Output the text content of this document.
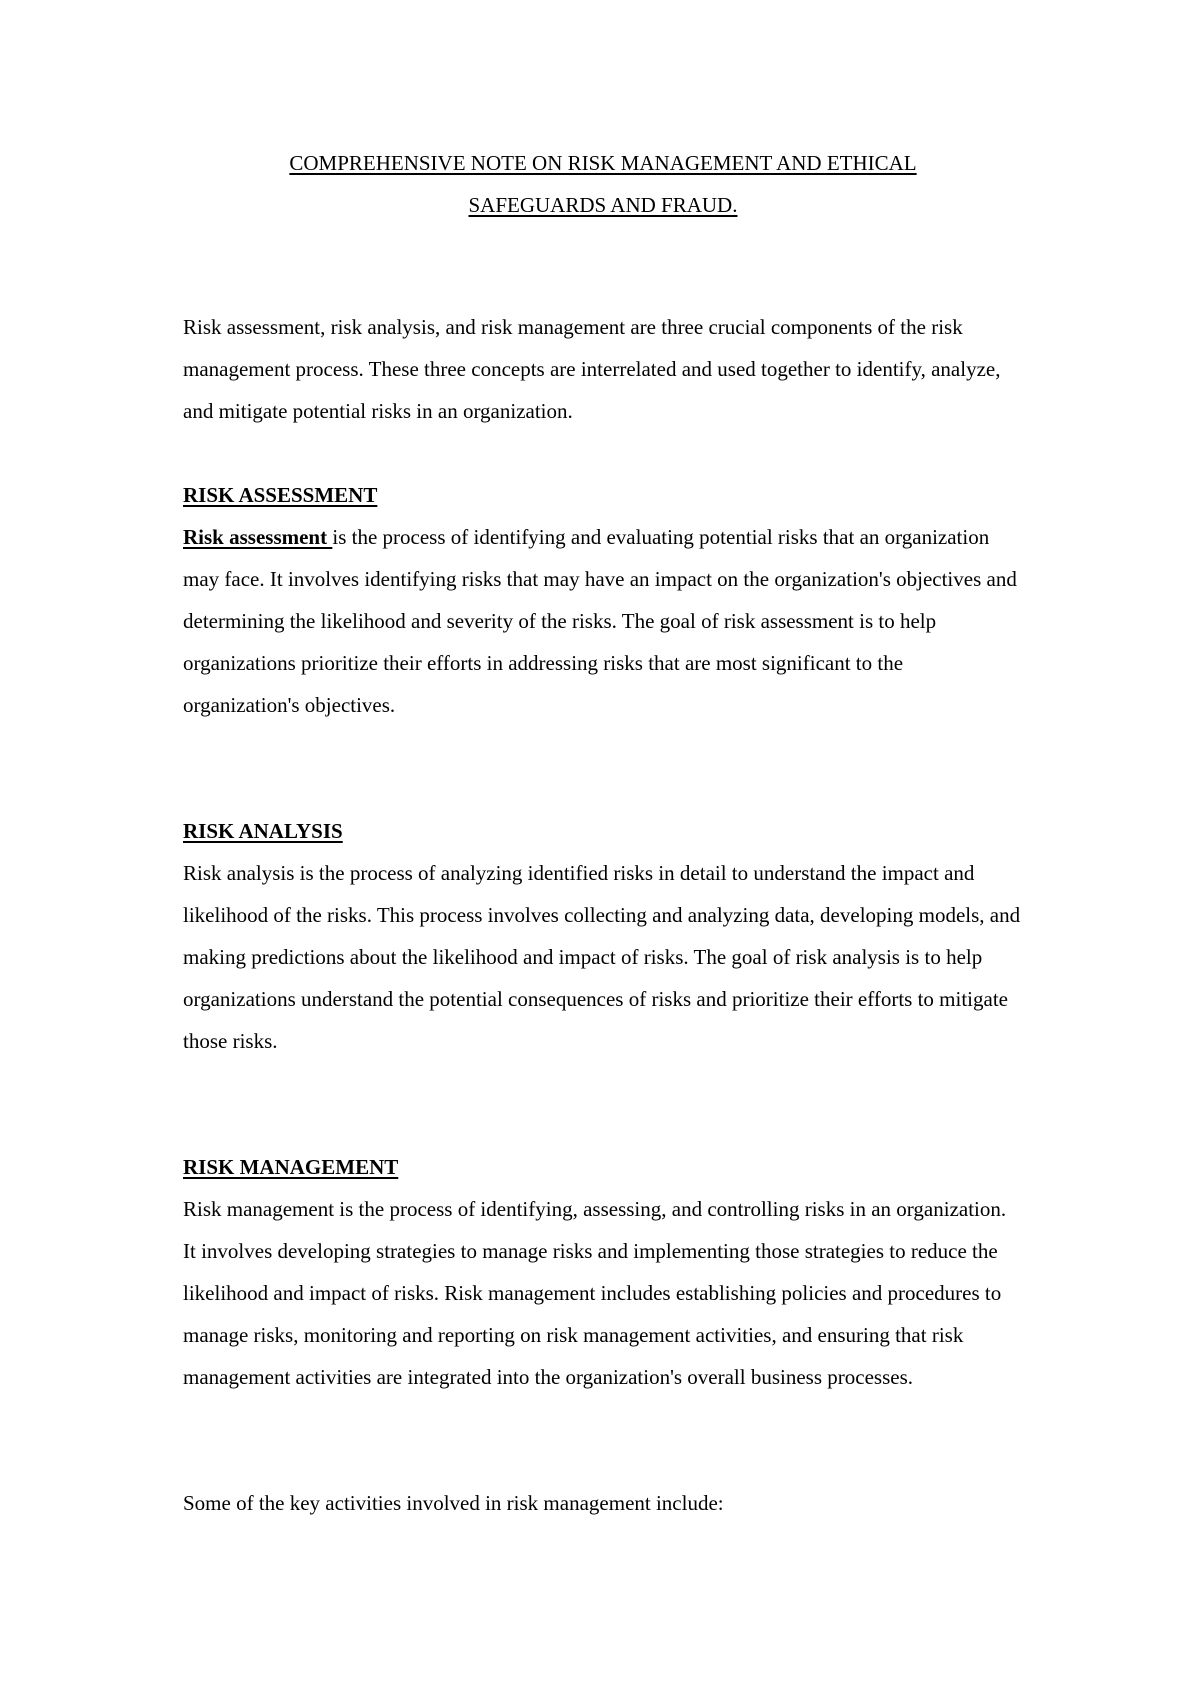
COMPREHENSIVE NOTE ON RISK MANAGEMENT AND ETHICAL
SAFEGUARDS AND FRAUD.

Risk assessment, risk analysis, and risk management are three crucial components of the risk management process. These three concepts are interrelated and used together to identify, analyze, and mitigate potential risks in an organization.

RISK ASSESSMENT

Risk assessment is the process of identifying and evaluating potential risks that an organization may face. It involves identifying risks that may have an impact on the organization's objectives and determining the likelihood and severity of the risks. The goal of risk assessment is to help organizations prioritize their efforts in addressing risks that are most significant to the organization's objectives.

RISK ANALYSIS

Risk analysis is the process of analyzing identified risks in detail to understand the impact and likelihood of the risks. This process involves collecting and analyzing data, developing models, and making predictions about the likelihood and impact of risks. The goal of risk analysis is to help organizations understand the potential consequences of risks and prioritize their efforts to mitigate those risks.

RISK MANAGEMENT

Risk management is the process of identifying, assessing, and controlling risks in an organization. It involves developing strategies to manage risks and implementing those strategies to reduce the likelihood and impact of risks. Risk management includes establishing policies and procedures to manage risks, monitoring and reporting on risk management activities, and ensuring that risk management activities are integrated into the organization's overall business processes.

Some of the key activities involved in risk management include:
